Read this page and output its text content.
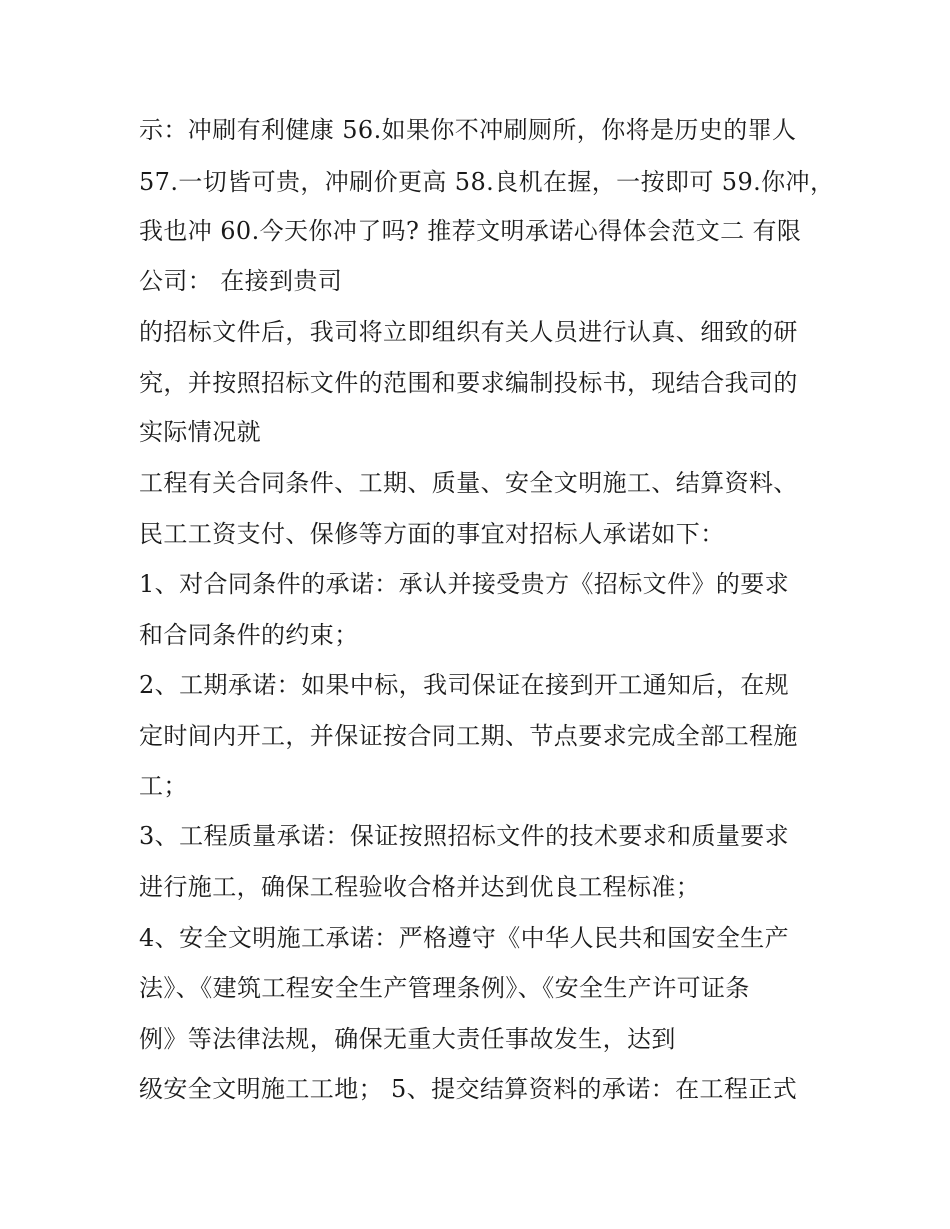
示：冲刷有利健康 56.如果你不冲刷厕所，你将是历史的罪人
57.一切皆可贵，冲刷价更高 58.良机在握，一按即可 59.你冲，
我也冲 60.今天你冲了吗? 推荐文明承诺心得体会范文二 有限
公司： 在接到贵司
的招标文件后，我司将立即组织有关人员进行认真、细致的研
究，并按照招标文件的范围和要求编制投标书，现结合我司的
实际情况就
工程有关合同条件、工期、质量、安全文明施工、结算资料、
民工工资支付、保修等方面的事宜对招标人承诺如下：
1、对合同条件的承诺：承认并接受贵方《招标文件》的要求
和合同条件的约束；
2、工期承诺：如果中标，我司保证在接到开工通知后，在规
定时间内开工，并保证按合同工期、节点要求完成全部工程施
工；
3、工程质量承诺：保证按照招标文件的技术要求和质量要求
进行施工，确保工程验收合格并达到优良工程标准；
4、安全文明施工承诺：严格遵守《中华人民共和国安全生产
法》、《建筑工程安全生产管理条例》、《安全生产许可证条
例》等法律法规，确保无重大责任事故发生，达到
级安全文明施工工地； 5、提交结算资料的承诺：在工程正式
